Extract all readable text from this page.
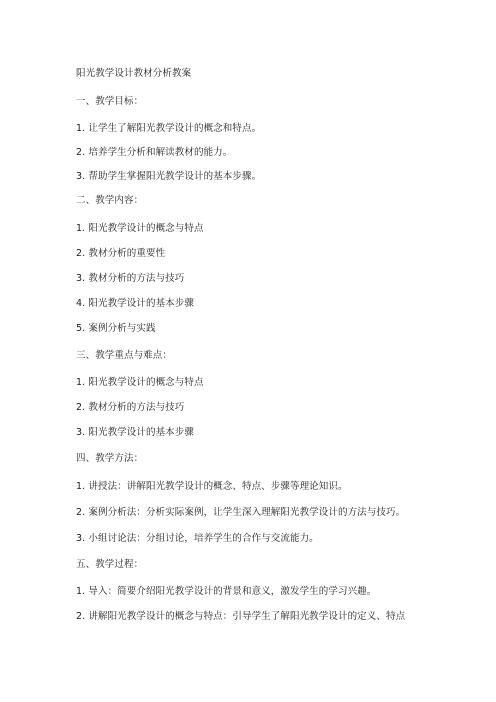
阳光教学设计教材分析教案
一、教学目标：
1. 让学生了解阳光教学设计的概念和特点。
2. 培养学生分析和解读教材的能力。
3. 帮助学生掌握阳光教学设计的基本步骤。
二、教学内容：
1. 阳光教学设计的概念与特点
2. 教材分析的重要性
3. 教材分析的方法与技巧
4. 阳光教学设计的基本步骤
5. 案例分析与实践
三、教学重点与难点：
1. 阳光教学设计的概念与特点
2. 教材分析的方法与技巧
3. 阳光教学设计的基本步骤
四、教学方法：
1. 讲授法：讲解阳光教学设计的概念、特点、步骤等理论知识。
2. 案例分析法：分析实际案例，让学生深入理解阳光教学设计的方法与技巧。
3. 小组讨论法：分组讨论，培养学生的合作与交流能力。
五、教学过程：
1. 导入：简要介绍阳光教学设计的背景和意义，激发学生的学习兴趣。
2. 讲解阳光教学设计的概念与特点：引导学生了解阳光教学设计的定义、特点
